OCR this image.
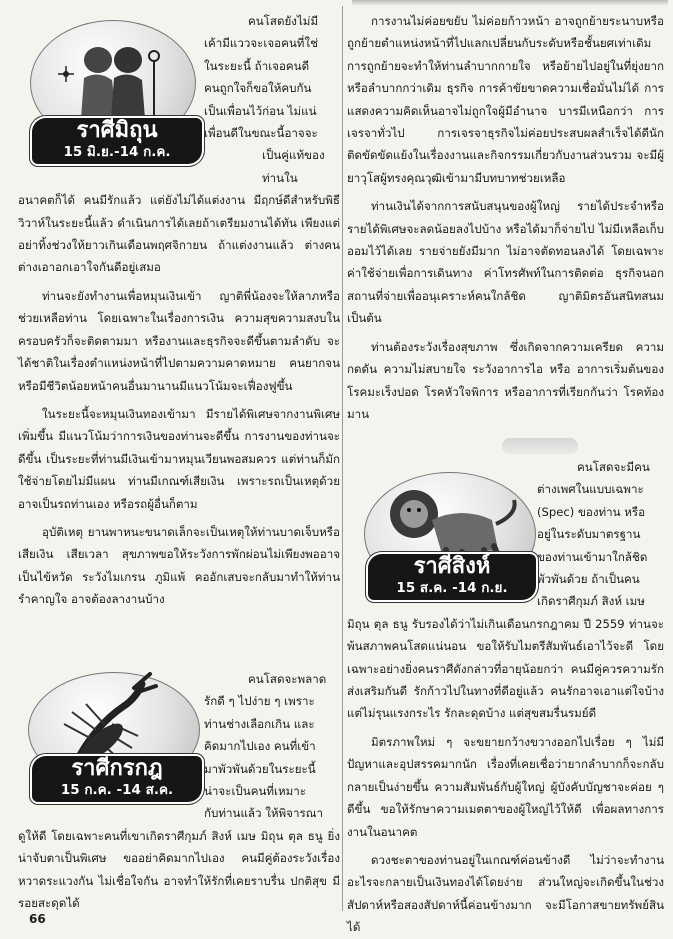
คนโสดยังไม่มี
เค้ามีแววจะเจอคนที่ใช่
ในระยะนี้ ถ้าเจอคนดี
คนถูกใจก็ขอให้คบกัน
เป็นเพื่อนไว้ก่อน ไม่แน่
เพื่อนดีในขณะนี้อาจจะ
เป็นคู่แท้ของท่านใน

อนาคตก็ได้ คนมีรักแล้ว แต่ยังไม่ได้แต่งงาน มีฤกษ์ดีสำหรับพิธีวิวาห์ในระยะนี้แล้ว ดำเนินการได้เลยถ้าเตรียมงานได้ทัน เพียงแต่อย่าทิ้งช่วงให้ยาวเกินเดือนพฤศจิกายน ถ้าแต่งงานแล้ว ต่างคนต่างเอาอกเอาใจกันดีอยู่เสมอ

ท่านจะยังทำงานเพื่อหมุนเงินเข้า ญาติพี่น้องจะให้ลาภหรือช่วยเหลือท่าน โดยเฉพาะในเรื่องการเงิน ความสุขความสงบในครอบครัวก็จะติดตามมา หรืองานและธุรกิจจะดีขึ้นตามลำดับ จะได้ชาติในเรื่องตำแหน่งหน้าที่ไปตามความคาดหมาย คนยากจนหรือมีชีวิตน้อยหน้าคนอื่นมานานมีแนวโน้มจะเฟื่องฟูขึ้น

ในระยะนี้จะหมุนเงินทองเข้ามา มีรายได้พิเศษจากงานพิเศษเพิ่มขึ้น มีแนวโน้มว่าการเงินของท่านจะดีขึ้น การงานของท่านจะดีขึ้น เป็นระยะที่ท่านมีเงินเข้ามาหมุนเวียนพอสมควร แต่ท่านก็มักใช้จ่ายโดยไม่มีแผน ท่านมีเกณฑ์เสียเงิน เพราะรถเป็นเหตุด้วย อาจเป็นรถท่านเอง หรือรถผู้อื่นก็ตาม

อุบัติเหตุ ยานพาหนะขนาดเล็กจะเป็นเหตุให้ท่านบาดเจ็บหรือเสียเงิน เสียเวลา สุขภาพขอให้ระวังการพักผ่อนไม่เพียงพออาจเป็นไข้หวัด ระวังไมเกรน ภูมิแพ้ คออักเสบจะกลับมาทำให้ท่านรำคาญใจ อาจต้องลางานบ้าง

คนโสดจะพลาด
รักดี ๆ ไปง่าย ๆ เพราะ
ท่านช่างเลือกเกิน และ
คิดมากไปเอง คนที่เข้า
มาพัวพันด้วยในระยะนี้
น่าจะเป็นคนที่เหมาะ
กับท่านแล้ว ให้พิจารณา

ดูให้ดี โดยเฉพาะคนที่เขาเกิดราศีกุมภ์ สิงห์ เมษ มิถุน ตุล ธนู ยิ่งน่าจับตาเป็นพิเศษ ขออย่าคิดมากไปเอง คนมีคู่ต้องระวังเรื่องหวาดระแวงกัน ไม่เชื่อใจกัน อาจทำให้รักที่เคยราบรื่น ปกติสุข มีรอยสะดุดได้

ราศีมิถุน
15 มิ.ย.-14 ก.ค.
ราศีกรกฎ
15 ก.ค. -14 ส.ค.

การงานไม่ค่อยขยับ ไม่ค่อยก้าวหน้า อาจถูกย้ายระนาบหรือถูกย้ายตำแหน่งหน้าที่ไปแลกเปลี่ยนกับระดับหรือชั้นยศเท่าเดิม การถูกย้ายจะทำให้ท่านลำบากกายใจ หรือย้ายไปอยู่ในที่ยุ่งยาก หรือลำบากกว่าเดิม ธุรกิจ การค้าขัยขาดความเชื่อมั่นไม่ได้ การแสดงความคิดเห็นอาจไม่ถูกใจผู้มีอำนาจ บารมีเหนือกว่า การเจรจาทั่วไป การเจรจาธุรกิจไม่ค่อยประสบผลสำเร็จได้ดีนัก ติดขัดขัดแย้งในเรื่องงานและกิจกรรมเกี่ยวกับงานส่วนรวม จะมีผู้ยาวุโสผู้ทรงคุณวุฒิเข้ามามีบทบาทช่วยเหลือ

ท่านเงินได้จากการสนับสนุนของผู้ใหญ่ รายได้ประจำหรือรายได้พิเศษจะลดน้อยลงไปบ้าง หรือได้มาก็จ่ายไป ไม่มีเหลือเก็บออมไว้ได้เลย รายจ่ายยังมีมาก ไม่อาจตัดทอนลงได้ โดยเฉพาะค่าใช้จ่ายเพื่อการเดินทาง ค่าโทรศัพท์ในการติดต่อ ธุรกิจนอกสถานที่จ่ายเพื่ออนุเคราะห์คนใกล้ชิด ญาติมิตรอันสนิทสนม เป็นต้น

ท่านต้องระวังเรื่องสุขภาพ ซึ่งเกิดจากความเครียด ความกดดัน ความไม่สบายใจ ระวังอาการไอ หรือ อาการเริ่มต้นของโรคมะเร็งปอด โรคหัวใจพิการ หรืออาการที่เรียกกันว่า โรคท้องมาน

คนโสดจะมีคน
ต่างเพศในแบบเฉพาะ
(Spec) ของท่าน หรือ
อยู่ในระดับมาตรฐาน
ของท่านเข้ามาใกล้ชิด
พัวพันด้วย ถ้าเป็นคน
เกิดราศีกุมภ์ สิงห์ เมษ

มิถุน ตุล ธนู รับรองได้ว่าไม่เกินเดือนกรกฎาคม ปี 2559 ท่านจะพ้นสภาพคนโสดแน่นอน ขอให้รับไมตรีสัมพันธ์เอาไว้จะดี โดยเฉพาะอย่างยิ่งคนราศีดังกล่าวที่อายุน้อยกว่า คนมีคู่ควรความรักส่งเสริมกันดี รักก้าวไปในทางที่ดีอยู่แล้ว คนรักอาจเอาแต่ใจบ้าง แต่ไม่รุนแรงกระไร รักละดุดบ้าง แต่สุขสมรื่นรมย์ดี

มิตรภาพใหม่ ๆ จะขยายกว้างขวางออกไปเรื่อย ๆ ไม่มีปัญหาและอุปสรรคมากนัก เรื่องที่เคยเชื่อว่ายากลำบากก็จะกลับกลายเป็นง่ายขึ้น ความสัมพันธ์กับผู้ใหญ่ ผู้บังคับบัญชาจะค่อย ๆ ดีขึ้น ขอให้รักษาความเมตตาของผู้ใหญ่ไว้ให้ดี เพื่อผลทางการงานในอนาคต

ดวงชะตาของท่านอยู่ในเกณฑ์ค่อนข้างดี ไม่ว่าจะทำงานอะไรจะกลายเป็นเงินทองได้โดยง่าย ส่วนใหญ่จะเกิดขึ้นในช่วงสัปดาห์หรือสองสัปดาห์นี้ค่อนข้างมาก จะมีโอกาสขายทรัพย์สินได้

ราศีสิงห์
15 ส.ค. -14 ก.ย.
66
